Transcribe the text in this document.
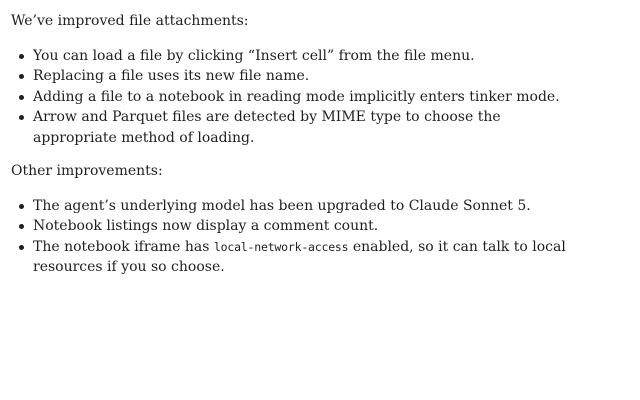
We’ve improved file attachments:

You can load a file by clicking “Insert cell” from the file menu.
Replacing a file uses its new file name.
Adding a file to a notebook in reading mode implicitly enters tinker mode.
Arrow and Parquet files are detected by MIME type to choose the appropriate method of loading.

Other improvements:

The agent’s underlying model has been upgraded to Claude Sonnet 5.
Notebook listings now display a comment count.
The notebook iframe has local-network-access enabled, so it can talk to local resources if you so choose.
